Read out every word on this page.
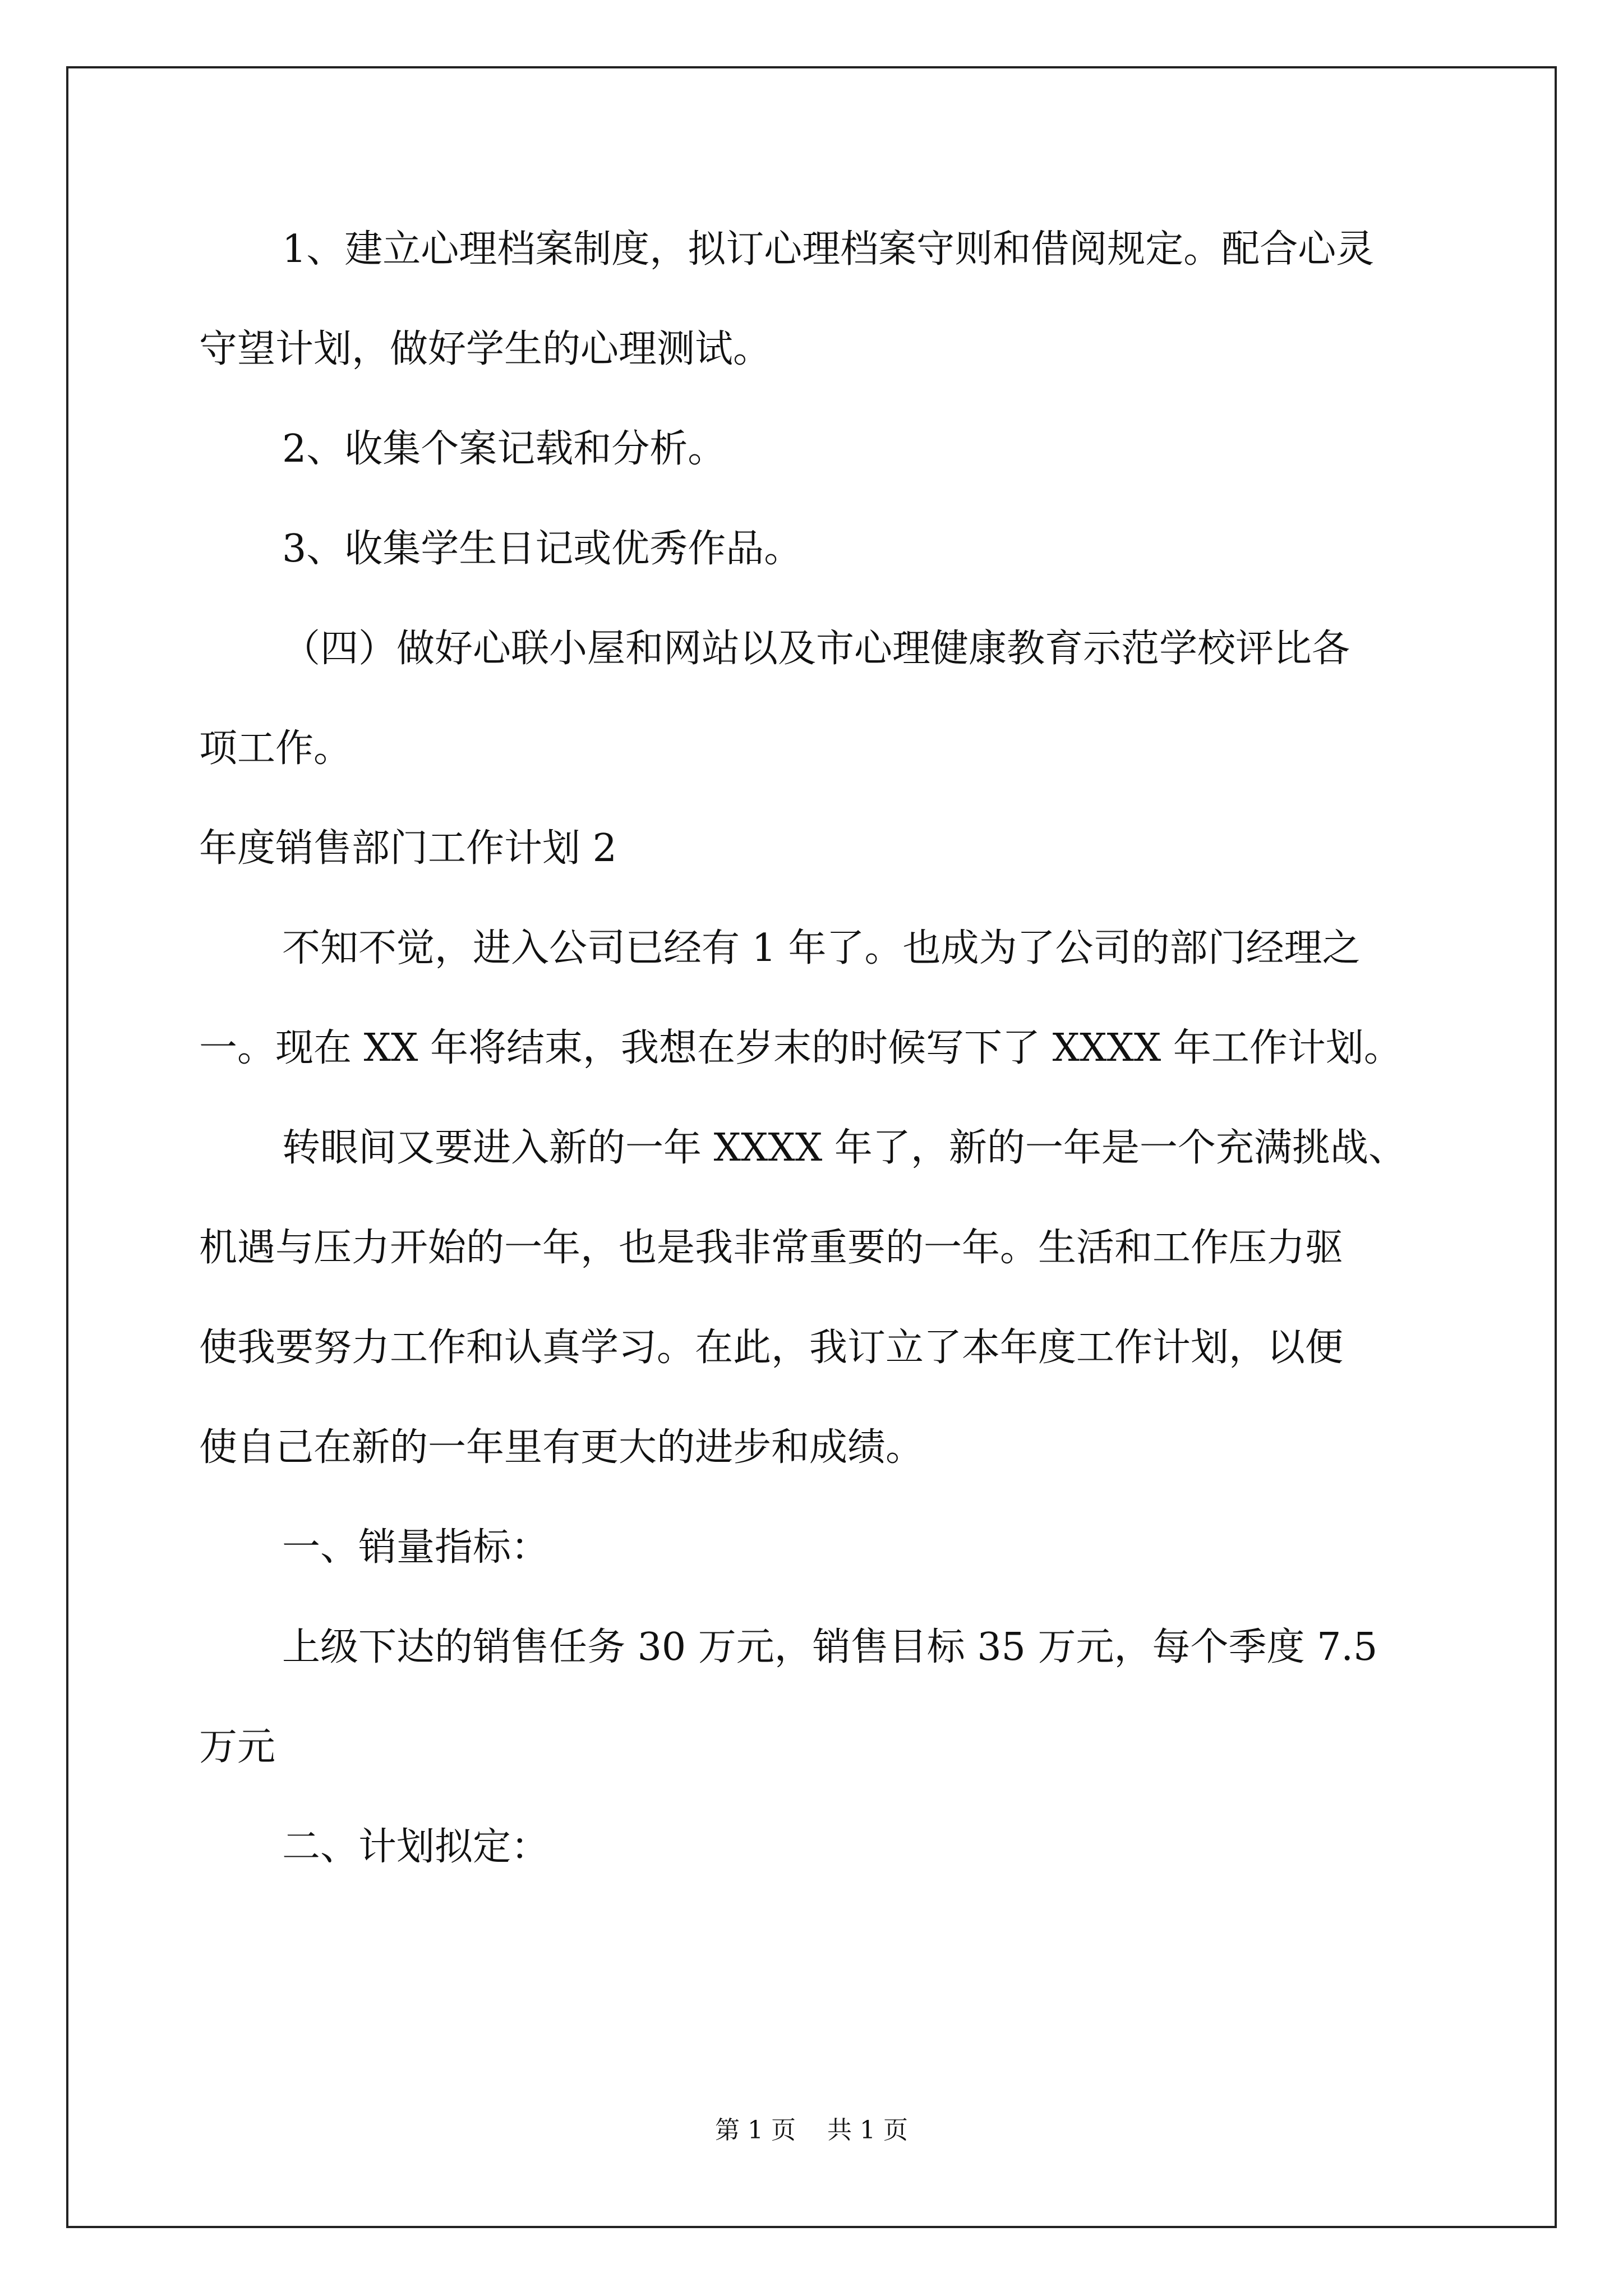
1、建立心理档案制度，拟订心理档案守则和借阅规定。配合心灵

守望计划，做好学生的心理测试。

2、收集个案记载和分析。

3、收集学生日记或优秀作品。

（四）做好心联小屋和网站以及市心理健康教育示范学校评比各

项工作。

年度销售部门工作计划 2

不知不觉，进入公司已经有 1 年了。也成为了公司的部门经理之

一。现在 XX 年将结束，我想在岁末的时候写下了 XXXX 年工作计划。

转眼间又要进入新的一年 XXXX 年了，新的一年是一个充满挑战、

机遇与压力开始的一年，也是我非常重要的一年。生活和工作压力驱

使我要努力工作和认真学习。在此，我订立了本年度工作计划，以便

使自己在新的一年里有更大的进步和成绩。

一、销量指标：

上级下达的销售任务 30 万元，销售目标 35 万元，每个季度 7.5

万元

二、计划拟定：

第 1 页 共 1 页
